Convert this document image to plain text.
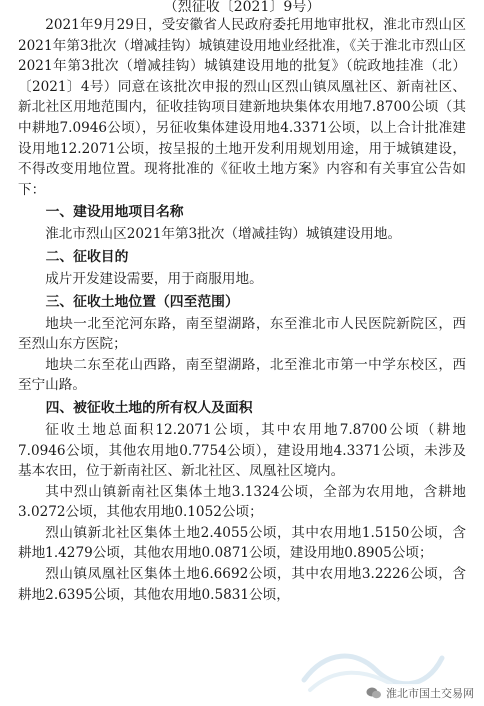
（烈征收〔2021〕9号）

2021年9月29日，受安徽省人民政府委托用地审批权，淮北市烈山区2021年第3批次（增减挂钩）城镇建设用地业经批准，《关于淮北市烈山区2021年第3批次（增减挂钩）城镇建设用地的批复》（皖政地挂准（北）〔2021〕4号）同意在该批次申报的烈山区烈山镇凤凰社区、新南社区、新北社区用地范围内，征收挂钩项目建新地块集体农用地7.8700公顷（其中耕地7.0946公顷），另征收集体建设用地4.3371公顷，以上合计批准建设用地12.2071公顷，按呈报的土地开发利用规划用途，用于城镇建设，不得改变用地位置。现将批准的《征收土地方案》内容和有关事宜公告如下：

一、建设用地项目名称

淮北市烈山区2021年第3批次（增减挂钩）城镇建设用地。

二、征收目的

成片开发建设需要，用于商服用地。

三、征收土地位置（四至范围）

地块一北至沱河东路，南至望湖路，东至淮北市人民医院新院区，西至烈山东方医院；

地块二东至花山西路，南至望湖路，北至淮北市第一中学东校区，西至宁山路。

四、被征收土地的所有权人及面积

征收土地总面积12.2071公顷，其中农用地7.8700公顷（耕地7.0946公顷，其他农用地0.7754公顷），建设用地4.3371公顷，未涉及基本农田，位于新南社区、新北社区、凤凰社区境内。

其中烈山镇新南社区集体土地3.1324公顷，全部为农用地，含耕地3.0272公顷，其他农用地0.1052公顷；

烈山镇新北社区集体土地2.4055公顷，其中农用地1.5150公顷，含耕地1.4279公顷，其他农用地0.0871公顷，建设用地0.8905公顷；

烈山镇凤凰社区集体土地6.6692公顷，其中农用地3.2226公顷，含耕地2.6395公顷，其他农用地0.5831公顷，

淮北市国土交易网
